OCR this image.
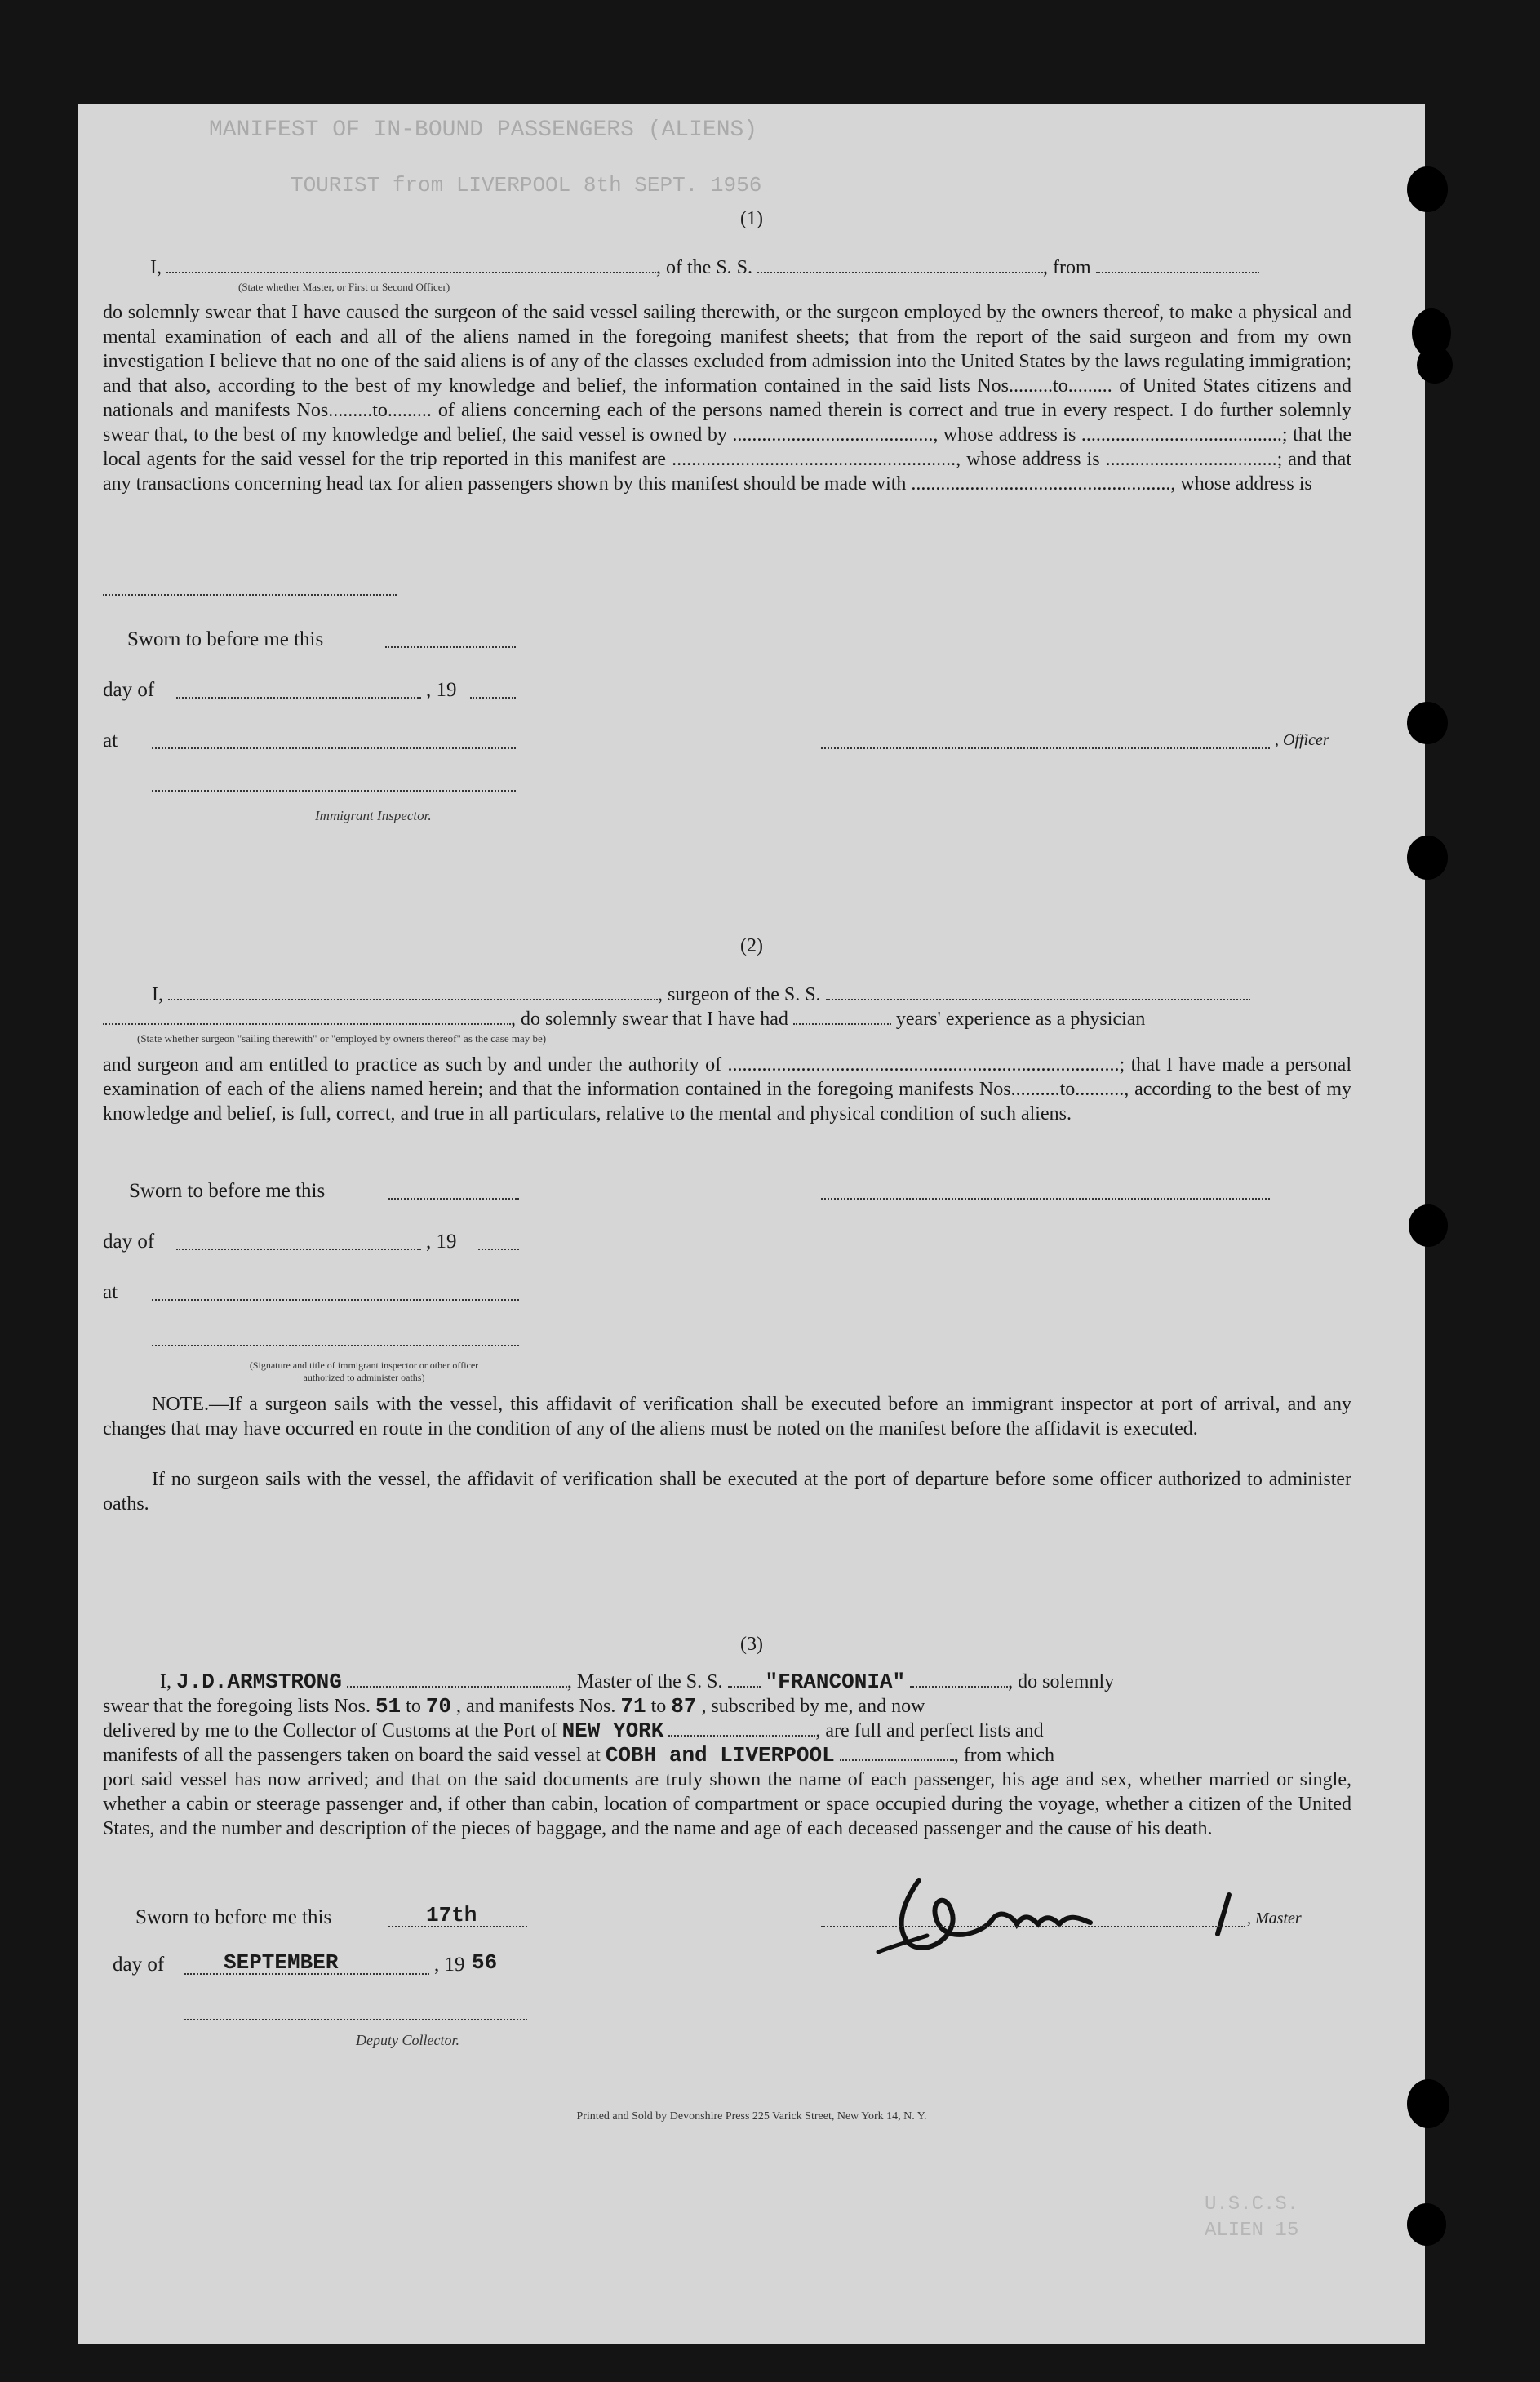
MANIFEST OF IN-BOUND PASSENGERS (ALIENS)
TOURIST from LIVERPOOL 8th SEPT. 1956
(1)
I,	, of the S. S.	, from
(State whether Master, or First or Second Officer)
do solemnly swear that I have caused the surgeon of the said vessel sailing therewith, or the surgeon employed by the owners thereof, to make a physical and mental examination of each and all of the aliens named in the foregoing manifest sheets; that from the report of the said surgeon and from my own investigation I believe that no one of the said aliens is of any of the classes excluded from admission into the United States by the laws regulating immigration; and that also, according to the best of my knowledge and belief, the information contained in the said lists Nos.........to......... of United States citizens and nationals and manifests Nos.........to......... of aliens concerning each of the persons named therein is correct and true in every respect. I do further solemnly swear that, to the best of my knowledge and belief, the said vessel is owned by ........................................., whose address is .........................................; that the local agents for the said vessel for the trip reported in this manifest are .........................................................., whose address is ...................................; and that any transactions concerning head tax for alien passengers shown by this manifest should be made with ....................................................., whose address is
Sworn to before me this
day of	, 19
at	, Officer
Immigrant Inspector.
(2)
I,	, surgeon of the S. S.
, do solemnly swear that I have had	years' experience as a physician
(State whether surgeon "sailing therewith" or "employed by owners thereof" as the case may be)
and surgeon and am entitled to practice as such by and under the authority of ................................................................................; that I have made a personal examination of each of the aliens named herein; and that the information contained in the foregoing manifests Nos..........to.........., according to the best of my knowledge and belief, is full, correct, and true in all particulars, relative to the mental and physical condition of such aliens.
Sworn to before me this
day of	, 19
at
(Signature and title of immigrant inspector or other officer authorized to administer oaths)
NOTE.—If a surgeon sails with the vessel, this affidavit of verification shall be executed before an immigrant inspector at port of arrival, and any changes that may have occurred en route in the condition of any of the aliens must be noted on the manifest before the affidavit is executed.
If no surgeon sails with the vessel, the affidavit of verification shall be executed at the port of departure before some officer authorized to administer oaths.
(3)
I, J.D.ARMSTRONG	, Master of the S. S. "FRANCONIA"	, do solemnly
swear that the foregoing lists Nos. 51 to 70 , and manifests Nos. 71 to 87 , subscribed by me, and now
delivered by me to the Collector of Customs at the Port of NEW YORK	, are full and perfect lists and
manifests of all the passengers taken on board the said vessel at COBH and LIVERPOOL	, from which
port said vessel has now arrived; and that on the said documents are truly shown the name of each passenger, his age and sex, whether married or single, whether a cabin or steerage passenger and, if other than cabin, location of compartment or space occupied during the voyage, whether a citizen of the United States, and the number and description of the pieces of baggage, and the name and age of each deceased passenger and the cause of his death.
Sworn to before me this	17th	, Master
day of	SEPTEMBER	, 19 56
Deputy Collector.
Printed and Sold by Devonshire Press 225 Varick Street, New York 14, N. Y.
U.S.C.S.
ALIEN 15
